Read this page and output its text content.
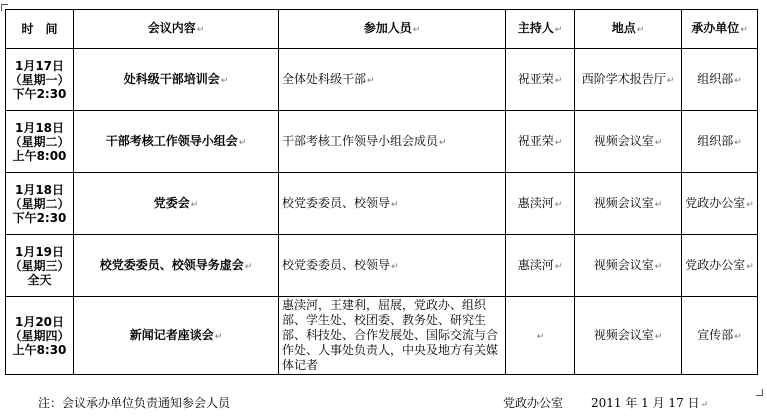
时　间	会议内容↵	参加人员↵	主持人↵	地点↵	承办单位↵

1月17日
（星期一）
下午2:30	处科级干部培训会↵	全体处科级干部↵	祝亚荣↵	西阶学术报告厅↵	组织部↵

1月18日
（星期二）
上午8:00	干部考核工作领导小组会↵	干部考核工作领导小组会成员↵	祝亚荣↵	视频会议室↵	组织部↵

1月18日
（星期二）
下午2:30	党委会↵	校党委委员、校领导↵	惠渎河↵	视频会议室↵	党政办公室↵

1月19日
（星期三）
全天	校党委委员、校领导务虚会↵	校党委委员、校领导↵	惠渎河↵	视频会议室↵	党政办公室↵

1月20日
（星期四）
上午8:30	新闻记者座谈会↵	惠渎河，王建利，屈展，党政办、组织部、学生处、校团委、教务处、研究生部、科技处、合作发展处、国际交流与合作处、人事处负责人，中央及地方有关媒体记者	↵	视频会议室↵	宣传部↵
注：会议承办单位负责通知参会人员	党政办公室 2011 年 1 月 17 日↵
